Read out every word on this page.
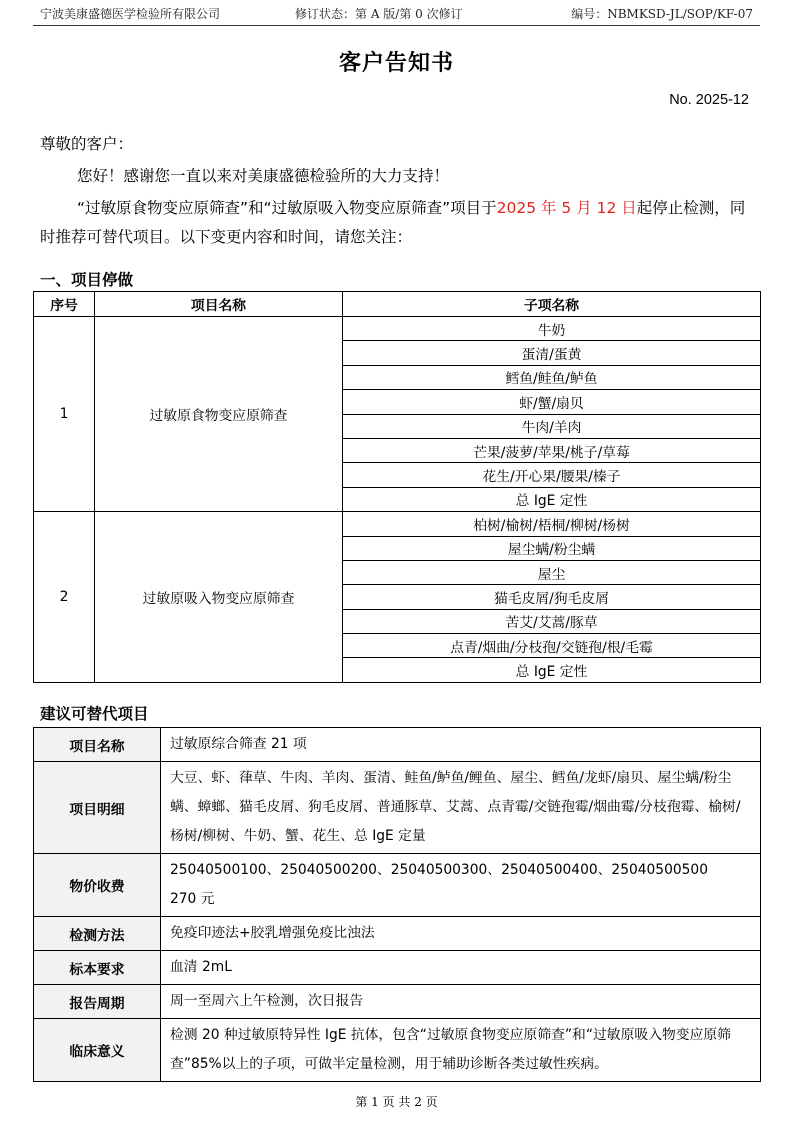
宁波美康盛德医学检验所有限公司	修订状态：第 A 版/第 0 次修订	编号：NBMKSD-JL/SOP/KF-07
客户告知书
No. 2025-12
尊敬的客户：
您好！感谢您一直以来对美康盛德检验所的大力支持！
“过敏原食物变应原筛查”和“过敏原吸入物变应原筛查”项目于2025 年 5 月 12 日起停止检测，同时推荐可替代项目。以下变更内容和时间，请您关注：
一、项目停做
序号	项目名称	子项名称
1	过敏原食物变应原筛查	牛奶
		蛋清/蛋黄
		鳕鱼/鲑鱼/鲈鱼
		虾/蟹/扇贝
		牛肉/羊肉
		芒果/菠萝/苹果/桃子/草莓
		花生/开心果/腰果/榛子
		总 IgE 定性
2	过敏原吸入物变应原筛查	柏树/榆树/梧桐/柳树/杨树
		屋尘螨/粉尘螨
		屋尘
		猫毛皮屑/狗毛皮屑
		苦艾/艾蒿/豚草
		点青/烟曲/分枝孢/交链孢/根/毛霉
		总 IgE 定性
建议可替代项目
项目名称	过敏原综合筛查 21 项

项目明细	大豆、虾、葎草、牛肉、羊肉、蛋清、鲑鱼/鲈鱼/鲤鱼、屋尘、鳕鱼/龙虾/扇贝、屋尘螨/粉尘螨、蟑螂、猫毛皮屑、狗毛皮屑、普通豚草、艾蒿、点青霉/交链孢霉/烟曲霉/分枝孢霉、榆树/杨树/柳树、牛奶、蟹、花生、总 IgE 定量

物价收费	25040500100、25040500200、25040500300、25040500400、25040500500
270 元

检测方法	免疫印迹法+胶乳增强免疫比浊法

标本要求	血清 2mL

报告周期	周一至周六上午检测，次日报告

临床意义	检测 20 种过敏原特异性 IgE 抗体，包含“过敏原食物变应原筛查”和“过敏原吸入物变应原筛查”85%以上的子项，可做半定量检测，用于辅助诊断各类过敏性疾病。
第 1 页 共 2 页
